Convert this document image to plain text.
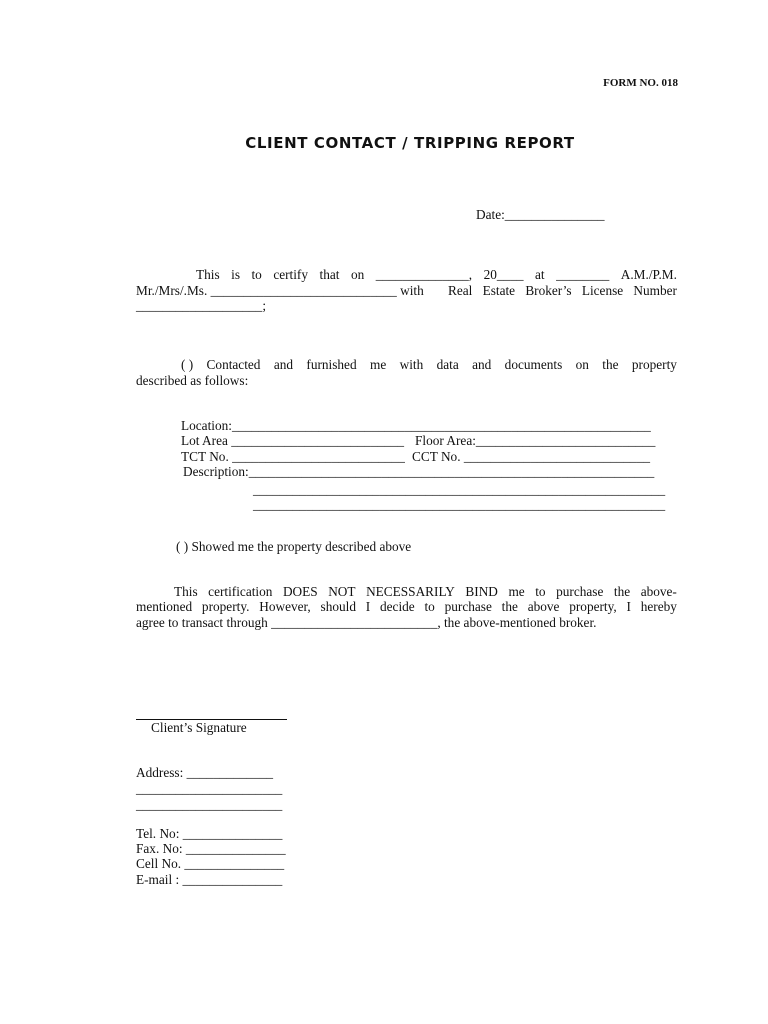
FORM NO. 018
CLIENT CONTACT / TRIPPING REPORT
Date:_______________
This is to certify that on ______________, 20____ at ________ A.M./P.M.
Mr./Mrs/.Ms. ____________________________ with Real Estate Broker’s License Number
___________________;
( ) Contacted and furnished me with data and documents on the property
described as follows:
Location:_______________________________________________________________
Lot Area __________________________ Floor Area:___________________________
TCT No. __________________________ CCT No. ____________________________
Description:_____________________________________________________________
______________________________________________________________
______________________________________________________________
( ) Showed me the property described above
This certification DOES NOT NECESSARILY BIND me to purchase the above-
mentioned property. However, should I decide to purchase the above property, I hereby
agree to transact through _________________________, the above-mentioned broker.
Client’s Signature
Address: _____________
______________________
______________________
Tel. No: _______________
Fax. No: _______________
Cell No. _______________
E-mail : _______________
